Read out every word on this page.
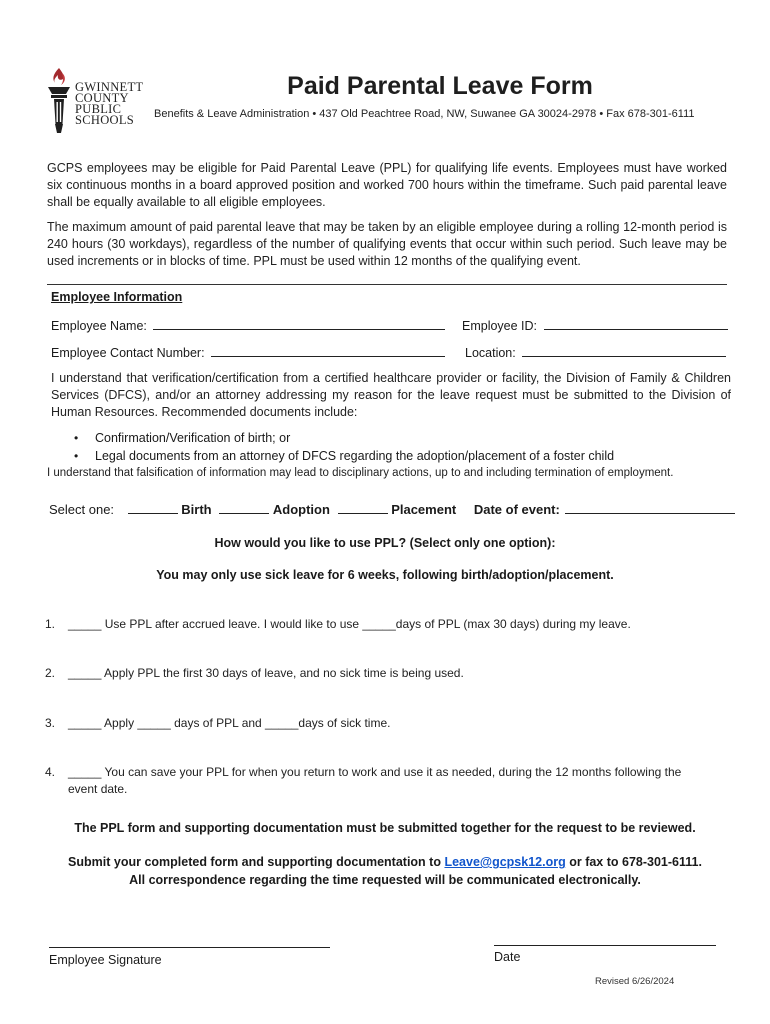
GWINNETT
COUNTY
PUBLIC
SCHOOLS
Paid Parental Leave Form
Benefits & Leave Administration • 437 Old Peachtree Road, NW, Suwanee GA 30024-2978 • Fax 678-301-6111
GCPS employees may be eligible for Paid Parental Leave (PPL) for qualifying life events. Employees must have worked six continuous months in a board approved position and worked 700 hours within the timeframe. Such paid parental leave shall be equally available to all eligible employees.
The maximum amount of paid parental leave that may be taken by an eligible employee during a rolling 12-month period is 240 hours (30 workdays), regardless of the number of qualifying events that occur within such period. Such leave may be used increments or in blocks of time. PPL must be used within 12 months of the qualifying event.
Employee Information
Employee Name:	Employee ID:
Employee Contact Number:	Location:
I understand that verification/certification from a certified healthcare provider or facility, the Division of Family & Children Services (DFCS), and/or an attorney addressing my reason for the leave request must be submitted to the Division of Human Resources. Recommended documents include:
• Confirmation/Verification of birth; or
• Legal documents from an attorney of DFCS regarding the adoption/placement of a foster child
I understand that falsification of information may lead to disciplinary actions, up to and including termination of employment.
Select one:	Birth	Adoption	Placement Date of event:
How would you like to use PPL? (Select only one option):
You may only use sick leave for 6 weeks, following birth/adoption/placement.
1. _____ Use PPL after accrued leave. I would like to use _____days of PPL (max 30 days) during my leave.
2. _____ Apply PPL the first 30 days of leave, and no sick time is being used.
3. _____ Apply _____ days of PPL and _____days of sick time.
4. _____ You can save your PPL for when you return to work and use it as needed, during the 12 months following the
event date.
The PPL form and supporting documentation must be submitted together for the request to be reviewed.
Submit your completed form and supporting documentation to Leave@gcpsk12.org or fax to 678-301-6111.
All correspondence regarding the time requested will be communicated electronically.
Employee Signature	Date
Revised 6/26/2024
